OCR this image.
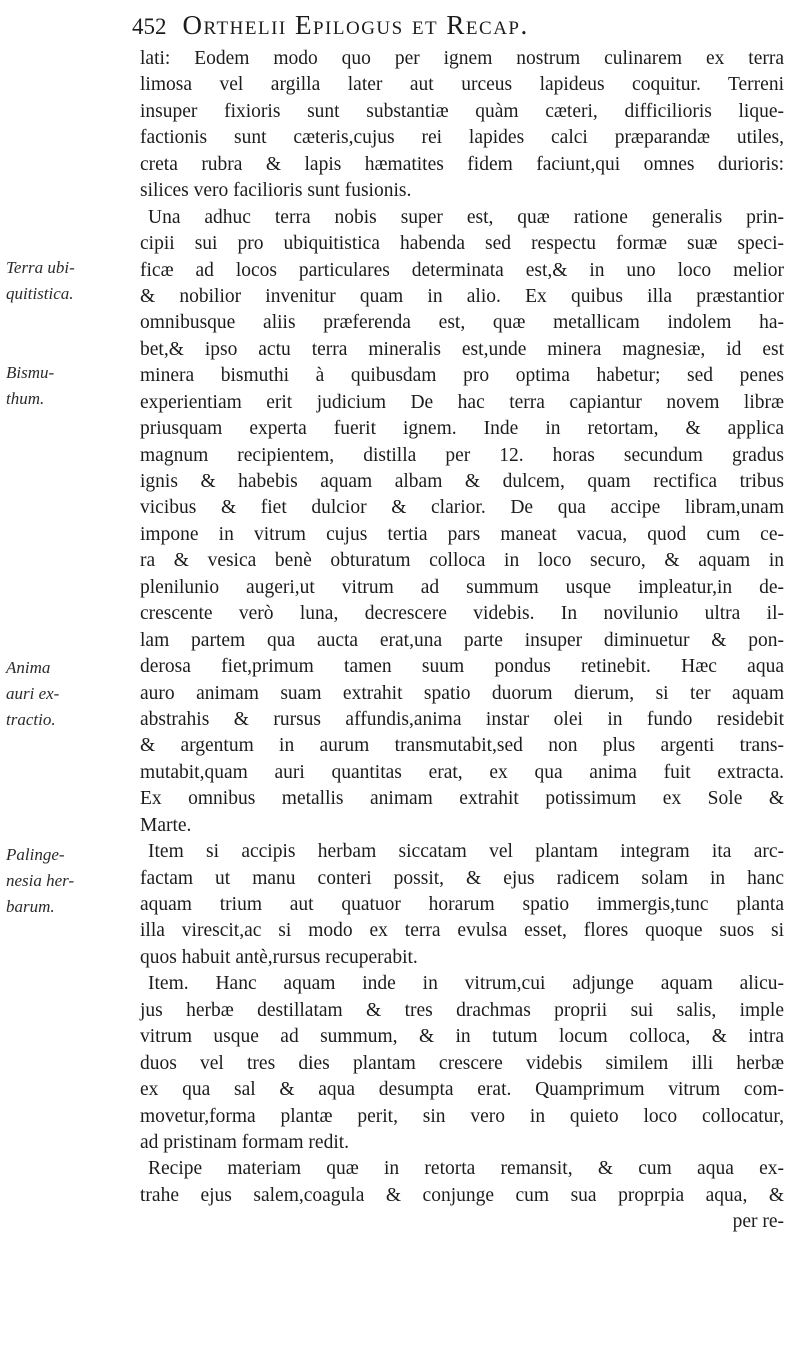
452 Orthelii Epilogus et Recap.
Terra ubi-
quitistica.
Bismu-
thum.
Anima
auri ex-
tractio.
Palinge-
nesia her-
barum.
lati: Eodem modo quo per ignem nostrum culinarem ex terra
limosa vel argilla later aut urceus lapideus coquitur. Terreni
insuper fixioris sunt substantiæ quàm cæteri, difficilioris lique-
factionis sunt cæteris,cujus rei lapides calci præparandæ utiles,
creta rubra & lapis hæmatites fidem faciunt,qui omnes durioris:
silices vero facilioris sunt fusionis.
Una adhuc terra nobis super est, quæ ratione generalis prin-
cipii sui pro ubiquitistica habenda sed respectu formæ suæ speci-
ficæ ad locos particulares determinata est,& in uno loco melior
& nobilior invenitur quam in alio. Ex quibus illa præstantior
omnibusque aliis præferenda est, quæ metallicam indolem ha-
bet,& ipso actu terra mineralis est,unde minera magnesiæ, id est
minera bismuthi à quibusdam pro optima habetur; sed penes
experientiam erit judicium De hac terra capiantur novem libræ
priusquam experta fuerit ignem. Inde in retortam, & applica
magnum recipientem, distilla per 12. horas secundum gradus
ignis & habebis aquam albam & dulcem, quam rectifica tribus
vicibus & fiet dulcior & clarior. De qua accipe libram,unam
impone in vitrum cujus tertia pars maneat vacua, quod cum ce-
ra & vesica benè obturatum colloca in loco securo, & aquam in
plenilunio augeri,ut vitrum ad summum usque impleatur,in de-
crescente verò luna, decrescere videbis. In novilunio ultra il-
lam partem qua aucta erat,una parte insuper diminuetur & pon-
derosa fiet,primum tamen suum pondus retinebit. Hæc aqua
auro animam suam extrahit spatio duorum dierum, si ter aquam
abstrahis & rursus affundis,anima instar olei in fundo residebit
& argentum in aurum transmutabit,sed non plus argenti trans-
mutabit,quam auri quantitas erat, ex qua anima fuit extracta.
Ex omnibus metallis animam extrahit potissimum ex Sole &
Marte.
Item si accipis herbam siccatam vel plantam integram ita arc-
factam ut manu conteri possit, & ejus radicem solam in hanc
aquam trium aut quatuor horarum spatio immergis,tunc planta
illa virescit,ac si modo ex terra evulsa esset, flores quoque suos si
quos habuit antè,rursus recuperabit.
Item. Hanc aquam inde in vitrum,cui adjunge aquam alicu-
jus herbæ destillatam & tres drachmas proprii sui salis, imple
vitrum usque ad summum, & in tutum locum colloca, & intra
duos vel tres dies plantam crescere videbis similem illi herbæ
ex qua sal & aqua desumpta erat. Quamprimum vitrum com-
movetur,forma plantæ perit, sin vero in quieto loco collocatur,
ad pristinam formam redit.
Recipe materiam quæ in retorta remansit, & cum aqua ex-
trahe ejus salem,coagula & conjunge cum sua proprpia aqua, &
per re-
